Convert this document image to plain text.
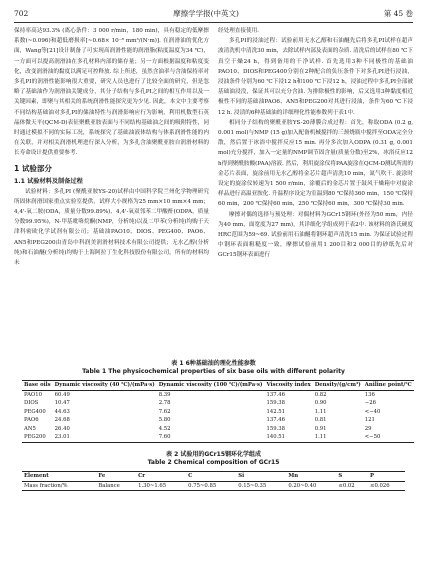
702	摩擦学学报(中英文)	第 45 卷

保持率高达93.3% (离心条件：3 000 r/min，180 min)，具有稳定的低摩擦系数(~0.096)和超低磨损率[~0.68× 10⁻⁸ mm³/(N·m)]. 在润滑油的优化方面，Wang等[21]设计制备了可实现高润滑性能的润滑脂(粘度温度为34 ℃)，一方面可以提高润滑油在多孔材料内部的储存量；另一方面根据温度和粘度变化，改变润滑油的黏度以满足可控释放. 综上所述，虽然含油率与含油保持率对多孔PI的润滑性能影响很大重要，研究人员也进行了比较全面的研究，但是忽略了基础油作为润滑油关键成分，其分子结构与多孔PI之间的相互作用以及一关键因素，即聚与其相关的系统润滑性能探究更为少见. 因此，本文中主要考察不同结构基础油对多孔PI的储油特性与润滑影响应行为影响，利用机数型石英晶体微天平(QCM-D)表征聚酰亚胺表面与不同结构基础油之间的吸附特性，同时通过模拟不同的实际工况，系统探究了基础油液体结构与体系润滑性能的内在关联，并对相关润滑机理进行深入分析，为多孔含油聚酰亚胺自润滑材料的长寿命设计提供重要参考.

1 试验部分
1.1 试验材料及制备过程

试验材料：多孔PI (聚酰亚胺YS-20)试样由中国科学院兰州化学物理研究所固体润滑国家重点实验室提供，试样大小规格为25 mm×10 mm×4 mm；4,4'-氧二胺(ODA，质量分数99.89%)、4,4'-氧双邻苯二甲酸酐(ODPA，质量分数99.95%)，N-甲基吡咯烷酮(NMP，分析纯)以及二甲苯(分析纯)均购于天津科密欧化学试剂有限公司；基础油PAO10、DIOS、PEG400、PAO6、AN5和PEG200由青岛中科润美润滑材料技术有限公司提供；无水乙醇(分析纯)和石油醚(分析纯)均购于上海阿拉丁生化科技股份有限公司，所有的材料均未

经处理直接使用.

多孔PI的浸油过程：试验前用无水乙醇和石油醚先后将多孔PI试样在超声波清洗机中清洗30 min，去除试样内部及表面的杂质. 清洗后的试样在80 ℃下真空干燥24 h，得到备用的干净试样. 首先选用3种不同极性的基础油PAO10、DIOS和PEG400分别在2种配合的负压条件下对多孔PI进行浸油，浸油条件分别为60 ℃下浸12 h和100 ℃下浸12 h，浸油过程中多孔PI全部被基础油浸没，保证其可以充分含油. 为排除极性的影响，后又选用3种黏度相近极性不同的基础油PAO6、AN5和PEG200对其进行浸油，条件为60 ℃下浸12 h. 浸渍的6种基础油的详细理化性能参数列于表1中.

相同分子结构的聚酰亚胺YS-20薄膜合成过程：首先，称取ODA (0.2 g, 0.001 mol)与NMP (15 g)加入配备机械搅拌的三颈烧瓶中搅拌至ODA完全分散，然后置于冰浴中搅拌反应15 min. 再分多次加入ODPA (0.31 g, 0.001 mol)充分搅拌，加入一定量的NMP调节固含量(质量分数)至2%，冰浴反应12 h得到聚酰胺酸(PAA)溶液. 然后，利用旋涂仪将PAA旋涂在QCM-D测试所需的金芯片表面，旋涂前用无水乙醇将金芯片超声清洗10 min，氮气吹干. 旋涂时设定的旋涂仪转速为1 500 r/min，涂覆后的金芯片置于鼓风干燥箱中对旋涂样品进行高温亚胺化. 升温程序设定为室温到80 ℃保持360 min，150 ℃保持60 min，200 ℃保持60 min，250 ℃保持60 min，300 ℃保持30 min.

摩擦对偶的选择与预处理：对偶材料为GCr15钢环(外径为50 mm，内径为40 mm，面宽度为27 mm)，其详细化学组成列于表2中. 该材料的洛氏硬度HRC范围为59~69. 试验前用石油醚将钢环超声清洗15 min. 为保证试验过程中钢环表面粗糙度一致，摩擦试验前用1 200目和2 000目的砂纸先后对GCr15钢环表面进行

表 1 6种基础油的理化性能参数
Table 1 The physicochemical properties of six base oils with different polarity
Base oils	Dynamic viscosity (40 ℃)/(mPa·s)	Dynamic viscosity (100 ℃)/(mPa·s)	Viscosity index	Density/(g/cm³)	Aniline point/℃
PAO10	60.49	8.39	137.46	0.82	136
DIOS	10.47	2.78	159.38	0.90	−26
PEG400	44.63	7.62	142.51	1.11	<−40
PAO6	24.68	5.80	137.46	0.81	121
AN5	26.40	4.52	159.38	0.91	29
PEG200	23.01	7.60	140.51	1.11	<−50
表 2 试验用的GCr15钢环化学组成
Table 2 Chemical composition of GCr15
Element	Fe	Cr	C	Si	Mn	S	P
Mass fraction/%	Balance	1.30~1.65	0.75~0.85	0.15~0.35	0.20~0.40	≤0.02	≤0.026
